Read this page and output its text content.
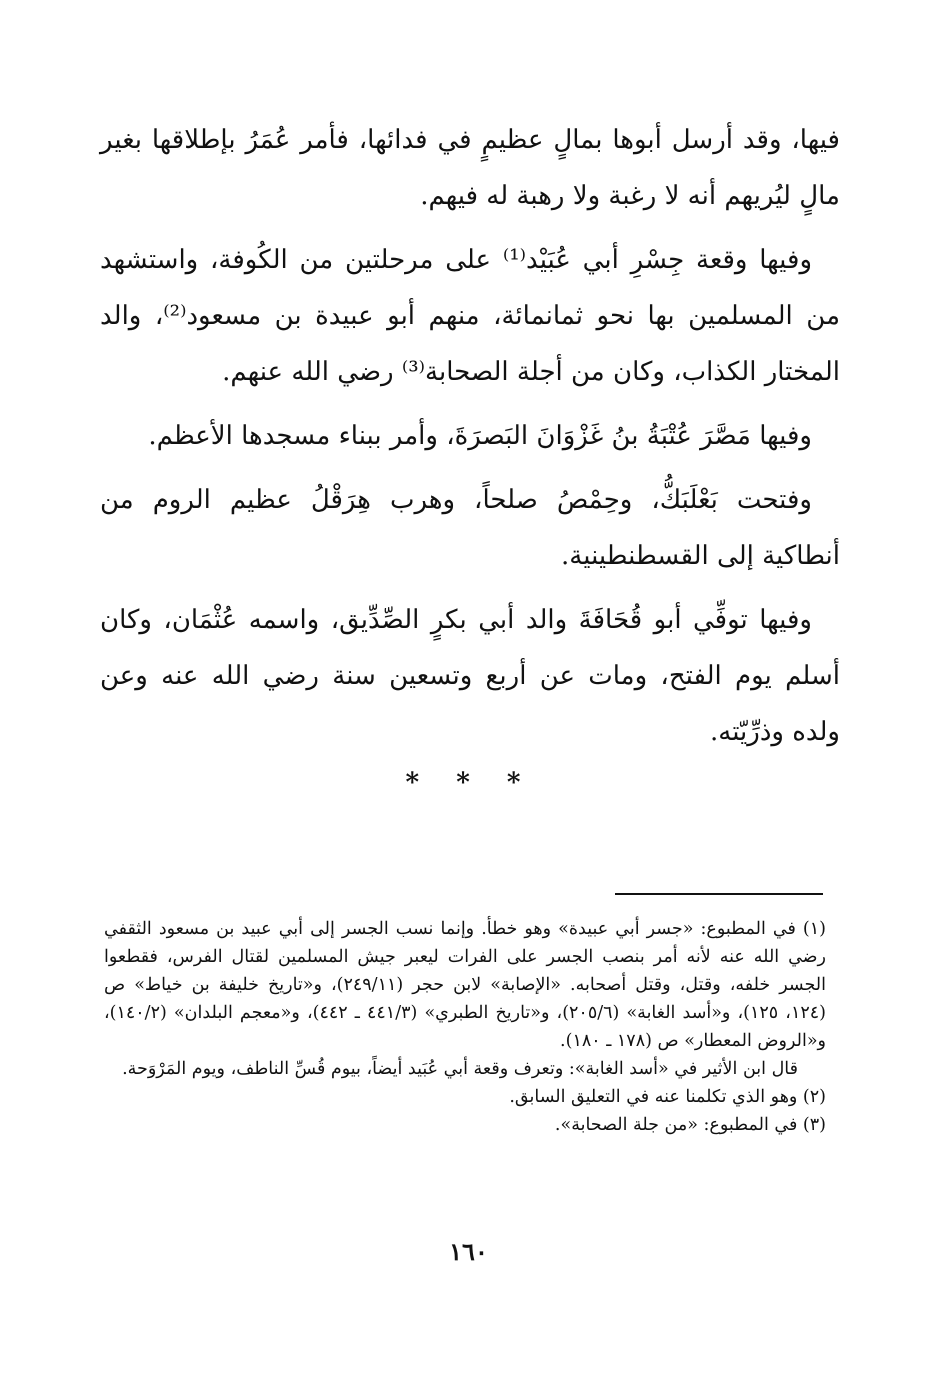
فيها، وقد أرسل أبوها بمالٍ عظيمٍ في فدائها، فأمر عُمَرُ بإطلاقها بغير مالٍ ليُريهم أنه لا رغبة ولا رهبة له فيهم.

وفيها وقعة جِسْرِ أبي عُبَيْد⁽¹⁾ على مرحلتين من الكُوفة، واستشهد من المسلمين بها نحو ثمانمائة، منهم أبو عبيدة بن مسعود⁽²⁾، والد المختار الكذاب، وكان من أجلة الصحابة⁽³⁾ رضي الله عنهم.

وفيها مَصَّرَ عُتْبَةُ بنُ غَزْوَانَ البَصرَةَ، وأمر ببناء مسجدها الأعظم.

وفتحت بَعْلَبَكُّ، وحِمْصُ صلحاً، وهرب هِرَقْلُ عظيم الروم من أنطاكية إلى القسطنطينية.

وفيها توفِّي أبو قُحَافَةَ والد أبي بكرٍ الصِّدِّيق، واسمه عُثْمَان، وكان أسلم يوم الفتح، ومات عن أربع وتسعين سنة رضي الله عنه وعن ولده وذرِّيّته.

* * *

(١) في المطبوع: «جسر أبي عبيدة» وهو خطأ. وإنما نسب الجسر إلى أبي عبيد بن مسعود الثقفي رضي الله عنه لأنه أمر بنصب الجسر على الفرات ليعبر جيش المسلمين لقتال الفرس، فقطعوا الجسر خلفه، وقتل، وقتل أصحابه. «الإصابة» لابن حجر (٢٤٩/١١)، و«تاريخ خليفة بن خياط» ص (١٢٤، ١٢٥)، و«أسد الغابة» (٢٠٥/٦)، و«تاريخ الطبري» (٤٤١/٣ ـ ٤٤٢)، و«معجم البلدان» (١٤٠/٢)، و«الروض المعطار» ص (١٧٨ ـ ١٨٠).

قال ابن الأثير في «أسد الغابة»: وتعرف وقعة أبي عُبَيد أيضاً، بيوم قُسِّ الناطف، ويوم المَرْوَحة.

(٢) وهو الذي تكلمنا عنه في التعليق السابق.

(٣) في المطبوع: «من جلة الصحابة».

١٦٠
